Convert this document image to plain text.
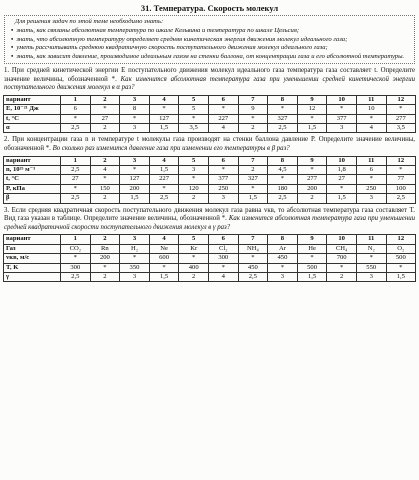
31. Температура. Скорость молекул
Для решения задач по этой теме необходимо знать:
• знать, как связаны абсолютная температура по шкале Кельвина и температура по шкале Цельсия;
• знать, что абсолютную температуру определяет средняя кинетическая энергия движения молекул идеального газа;
• уметь рассчитывать среднюю квадратичную скорость поступательного движения молекул идеального газа;
• знать, как зависит давление, производимое идеальным газом на стенки баллона, от концентрации газа и его абсолютной температуры.
1. При средней кинетической энергии E поступательного движения молекул идеального газа температура газа составляет t. Определите значение величины, обозначенной *. Как изменится абсолютная температура газа при уменьшении средней кинетической энергии поступательного движения молекул в α раз?
вариант	1	2	3	4	5	6	7	8	9	10	11	12
E, 10⁻²¹ Дж	6	*	8	*	5	*	9	*	12	*	10	*
t, °C	*	27	*	127	*	227	*	327	*	377	*	277
α	2,5	2	3	1,5	3,5	4	2	2,5	1,5	3	4	3,5
2. При концентрации газа n и температуре t молекулы газа производят на стенки баллона давление P. Определите значение величины, обозначенной *. Во сколько раз изменится давление газа при изменении его температуры в β раз?
вариант	1	2	3	4	5	6	7	8	9	10	11	12
n, 10²⁵ м⁻³	2,5	4	*	1,5	3	*	2	4,5	*	1,8	6	*
t, °C	27	*	127	227	*	377	327	*	277	27	*	77
P, кПа	*	150	200	*	120	250	*	180	200	*	250	100
β	2,5	2	1,5	2,5	2	3	1,5	2,5	2	1,5	3	2,5
3. Если средняя квадратичная скорость поступательного движения молекул газа равна vкв, то абсолютная температура газа составляет T. Вид газа указан в таблице. Определите значение величины, обозначенной *. Как изменится абсолютная температура газа при уменьшении средней квадратичной скорости поступательного движения молекул в γ раз?
вариант	1	2	3	4	5	6	7	8	9	10	11	12
Газ	CO₂	Rn	H₂	Ne	Kr	Cl₂	NH₄	Ar	He	CH₄	N₂	O₂
vкв, м/с	*	200	*	600	*	300	*	450	*	700	*	500
T, K	300	*	350	*	400	*	450	*	500	*	550	*
γ	2,5	2	3	1,5	2	4	2,5	3	1,5	2	3	1,5
